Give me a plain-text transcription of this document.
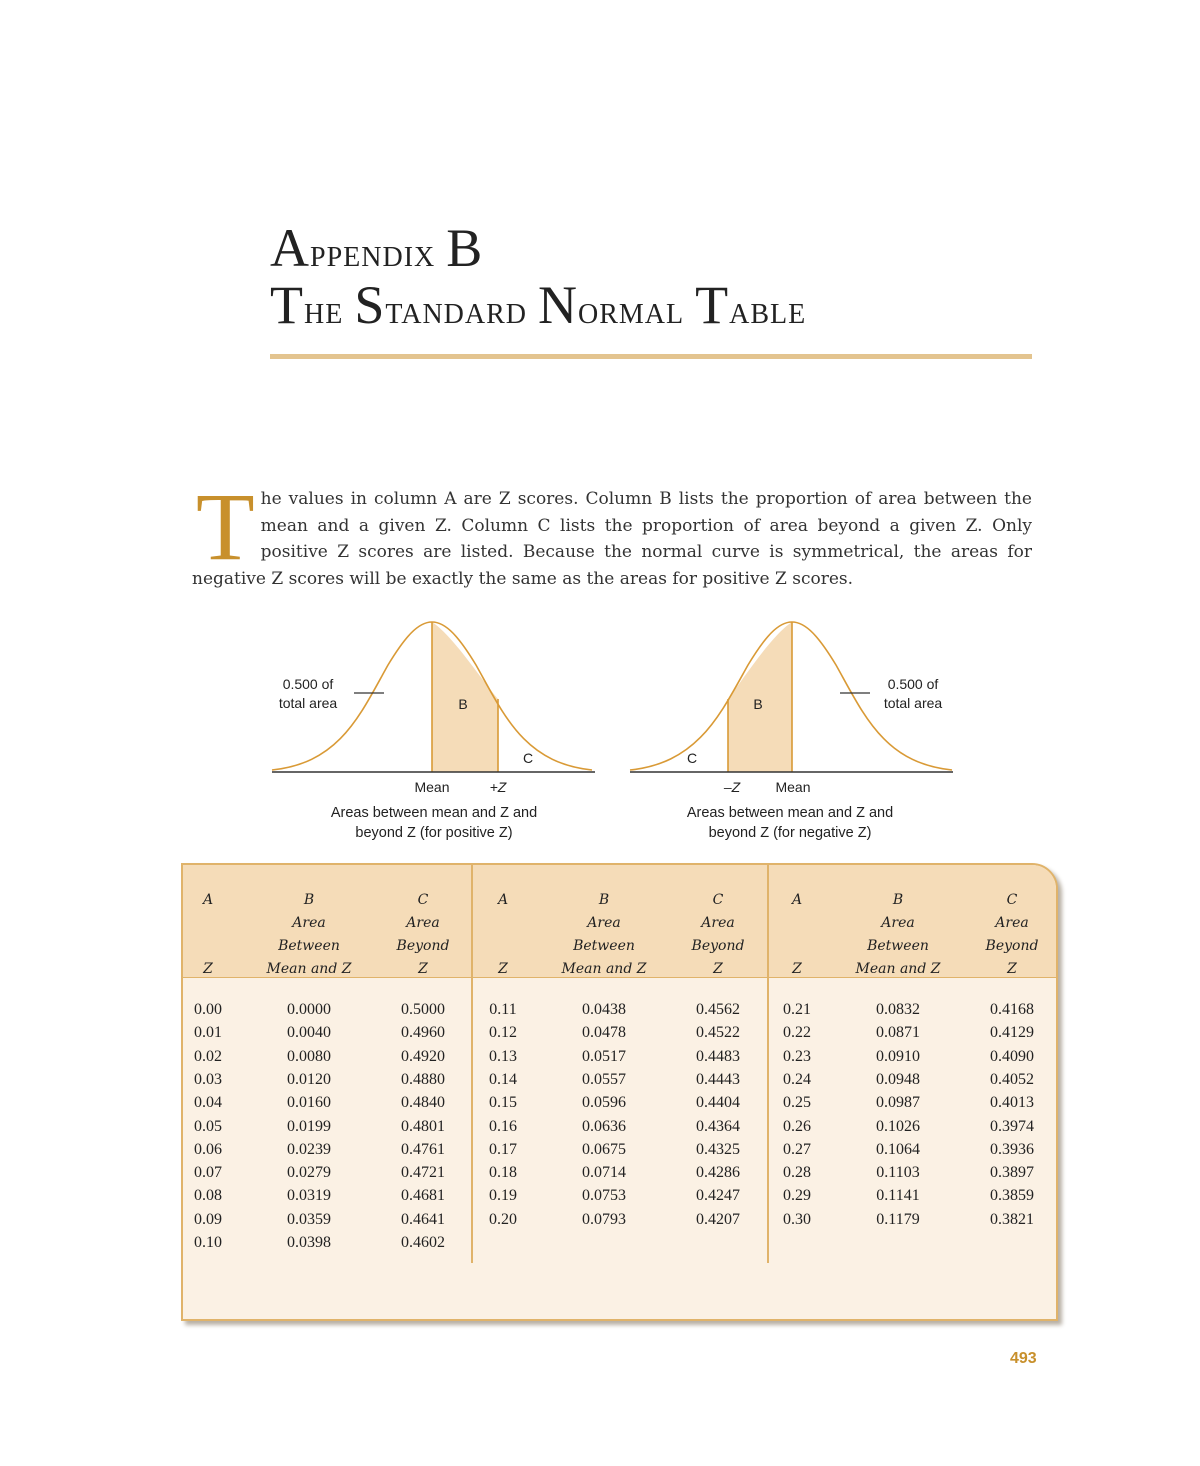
Appendix B

The Standard Normal Table

T he values in column A are Z scores. Column B lists the proportion of area between the mean and a given Z. Column C lists the proportion of area beyond a given Z. Only positive Z scores are listed. Because the normal curve is symmetrical, the areas for negative Z scores will be exactly the same as the areas for positive Z scores.
0.500 of
total area	B
C
Mean	+Z
Areas between mean and Z and
beyond Z (for positive Z)
0.500 of
total area
B
C
–Z	Mean
Areas between mean and Z and
beyond Z (for negative Z)
A

Z
B
Area
Between
Mean and Z
C
Area
Beyond
Z
0.00	0.0000	0.5000
0.01	0.0040	0.4960
0.02	0.0080	0.4920
0.03	0.0120	0.4880
0.04	0.0160	0.4840
0.05	0.0199	0.4801
0.06	0.0239	0.4761
0.07	0.0279	0.4721
0.08	0.0319	0.4681
0.09	0.0359	0.4641
0.10	0.0398	0.4602
A

Z
B
Area
Between
Mean and Z
C
Area
Beyond
Z
0.11	0.0438	0.4562
0.12	0.0478	0.4522
0.13	0.0517	0.4483
0.14	0.0557	0.4443
0.15	0.0596	0.4404
0.16	0.0636	0.4364
0.17	0.0675	0.4325
0.18	0.0714	0.4286
0.19	0.0753	0.4247
0.20	0.0793	0.4207
A

Z
B
Area
Between
Mean and Z
C
Area
Beyond
Z
0.21	0.0832	0.4168
0.22	0.0871	0.4129
0.23	0.0910	0.4090
0.24	0.0948	0.4052
0.25	0.0987	0.4013
0.26	0.1026	0.3974
0.27	0.1064	0.3936
0.28	0.1103	0.3897
0.29	0.1141	0.3859
0.30	0.1179	0.3821
493
